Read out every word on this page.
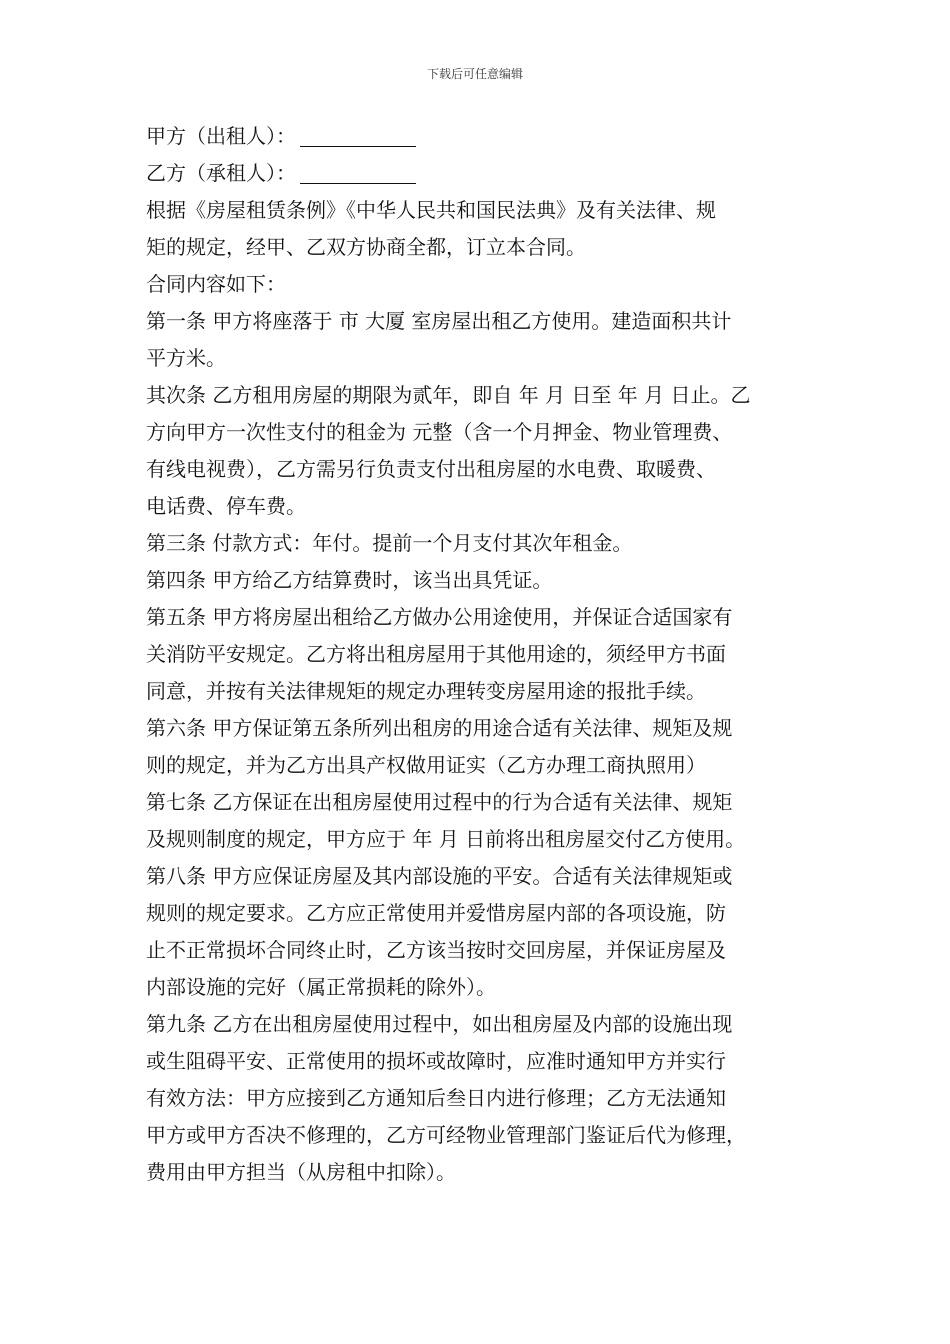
下载后可任意编辑
甲方（出租人）：
乙方（承租人）：
根据《房屋租赁条例》《中华人民共和国民法典》及有关法律、规
矩的规定，经甲、乙双方协商全都，订立本合同。
合同内容如下：
第一条 甲方将座落于 市 大厦 室房屋出租乙方使用。建造面积共计
平方米。
其次条 乙方租用房屋的期限为贰年，即自 年 月 日至 年 月 日止。乙
方向甲方一次性支付的租金为 元整（含一个月押金、物业管理费、
有线电视费），乙方需另行负责支付出租房屋的水电费、取暖费、
电话费、停车费。
第三条 付款方式：年付。提前一个月支付其次年租金。
第四条 甲方给乙方结算费时，该当出具凭证。
第五条 甲方将房屋出租给乙方做办公用途使用，并保证合适国家有
关消防平安规定。乙方将出租房屋用于其他用途的，须经甲方书面
同意，并按有关法律规矩的规定办理转变房屋用途的报批手续。
第六条 甲方保证第五条所列出租房的用途合适有关法律、规矩及规
则的规定，并为乙方出具产权做用证实（乙方办理工商执照用）
第七条 乙方保证在出租房屋使用过程中的行为合适有关法律、规矩
及规则制度的规定，甲方应于 年 月 日前将出租房屋交付乙方使用。
第八条 甲方应保证房屋及其内部设施的平安。合适有关法律规矩或
规则的规定要求。乙方应正常使用并爱惜房屋内部的各项设施，防
止不正常损坏合同终止时，乙方该当按时交回房屋，并保证房屋及
内部设施的完好（属正常损耗的除外）。
第九条 乙方在出租房屋使用过程中，如出租房屋及内部的设施出现
或生阻碍平安、正常使用的损坏或故障时，应准时通知甲方并实行
有效方法：甲方应接到乙方通知后叁日内进行修理；乙方无法通知
甲方或甲方否决不修理的，乙方可经物业管理部门鉴证后代为修理，
费用由甲方担当（从房租中扣除）。
